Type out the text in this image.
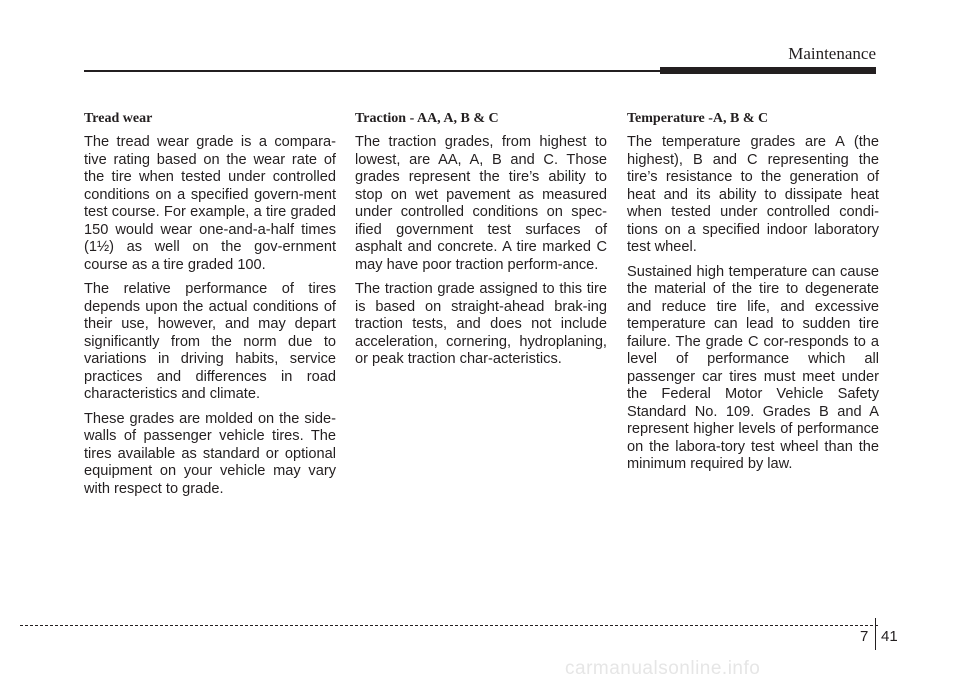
Maintenance
Tread wear

The tread wear grade is a compara-tive rating based on the wear rate of the tire when tested under controlled conditions on a specified govern-ment test course. For example, a tire graded 150 would wear one-and-a-half times (1½) as well on the gov-ernment course as a tire graded 100.

The relative performance of tires depends upon the actual conditions of their use, however, and may depart significantly from the norm due to variations in driving habits, service practices and differences in road characteristics and climate.

These grades are molded on the side-walls of passenger vehicle tires. The tires available as standard or optional equipment on your vehicle may vary with respect to grade.

Traction - AA, A, B & C

The traction grades, from highest to lowest, are AA, A, B and C. Those grades represent the tire’s ability to stop on wet pavement as measured under controlled conditions on spec-ified government test surfaces of asphalt and concrete. A tire marked C may have poor traction perform-ance.

The traction grade assigned to this tire is based on straight-ahead brak-ing traction tests, and does not include acceleration, cornering, hydroplaning, or peak traction char-acteristics.

Temperature -A, B & C

The temperature grades are A (the highest), B and C representing the tire’s resistance to the generation of heat and its ability to dissipate heat when tested under controlled condi-tions on a specified indoor laboratory test wheel.

Sustained high temperature can cause the material of the tire to degenerate and reduce tire life, and excessive temperature can lead to sudden tire failure. The grade C cor-responds to a level of performance which all passenger car tires must meet under the Federal Motor Vehicle Safety Standard No. 109. Grades B and A represent higher levels of performance on the labora-tory test wheel than the minimum required by law.

7 41
carmanualsonline.info
